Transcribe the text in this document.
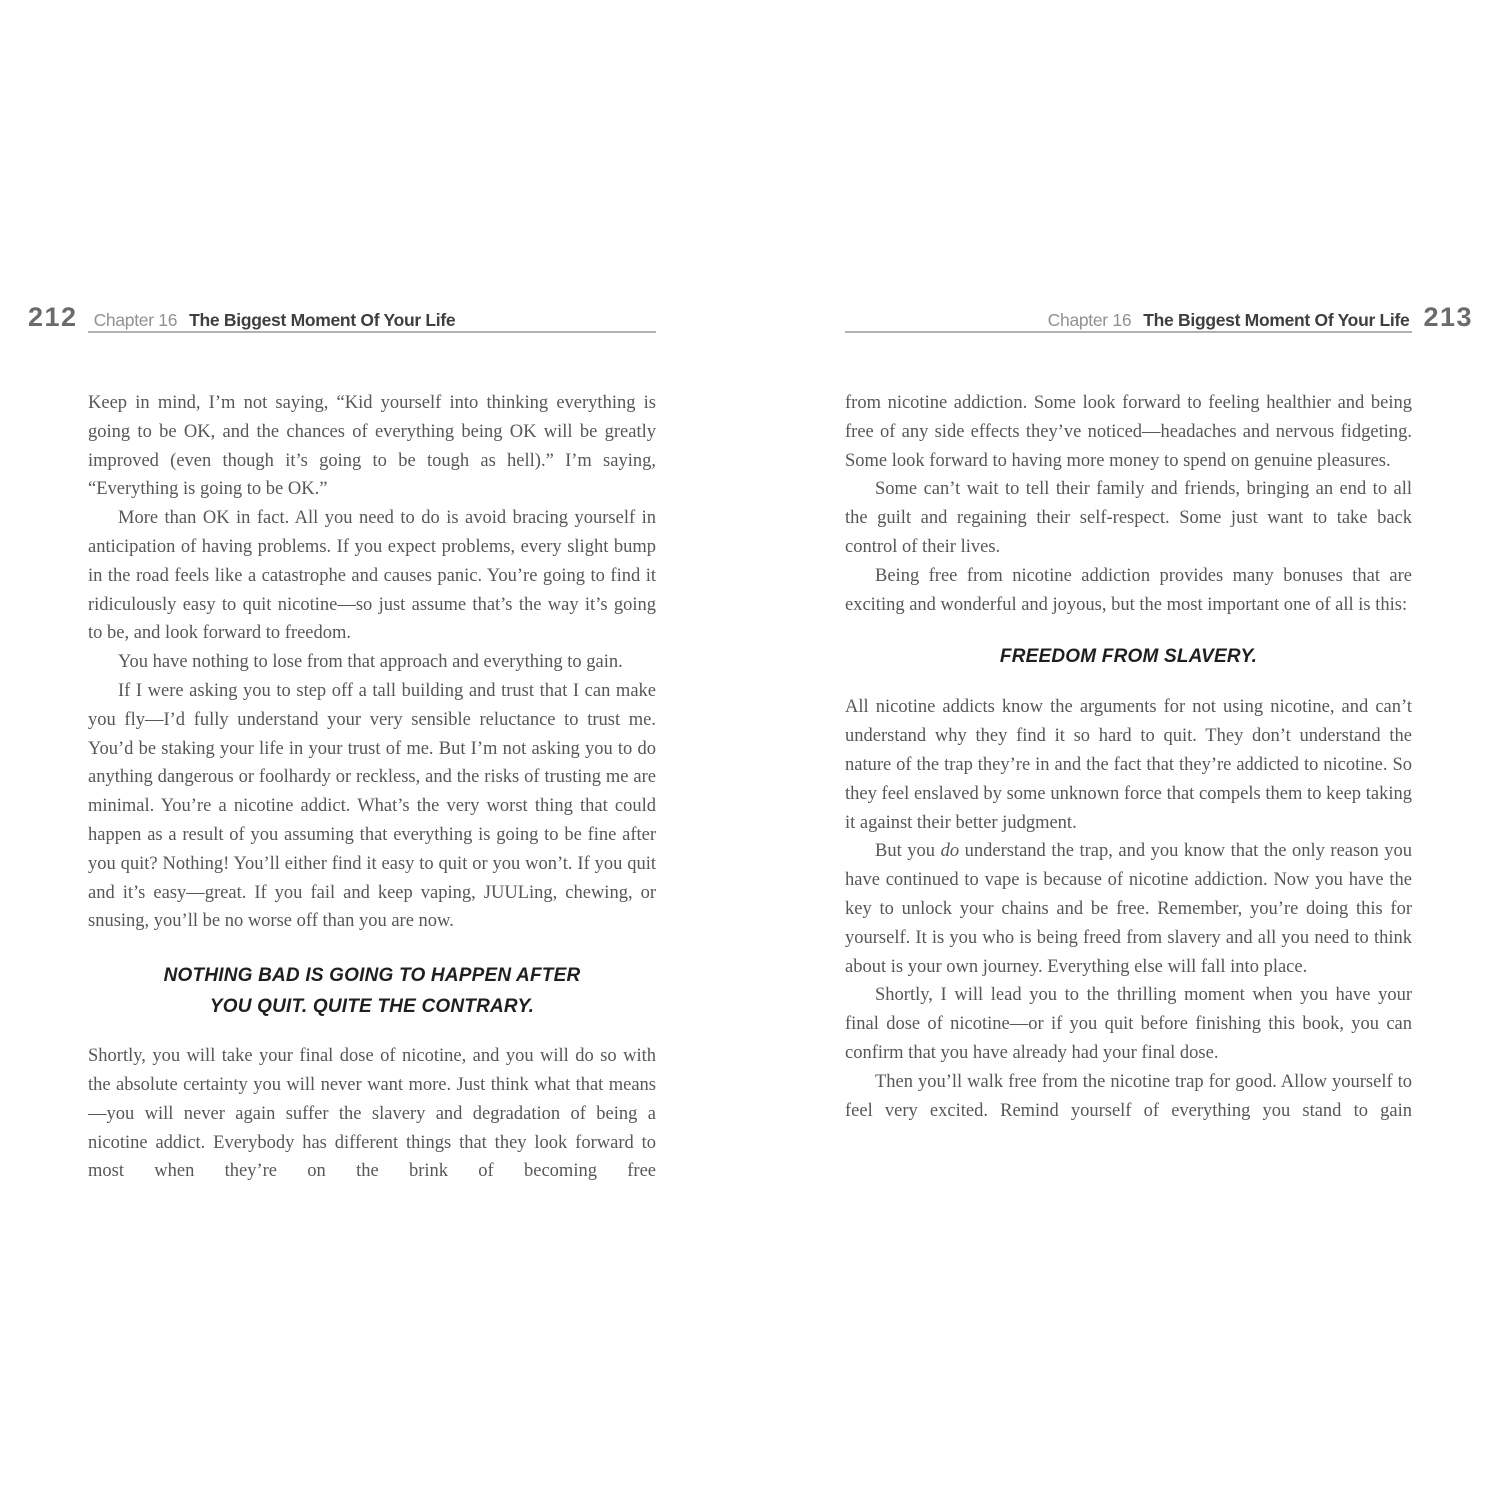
212 Chapter 16 The Biggest Moment Of Your Life	Chapter 16 The Biggest Moment Of Your Life 213

Keep in mind, I’m not saying, “Kid yourself into thinking everything is going to be OK, and the chances of everything being OK will be greatly improved (even though it’s going to be tough as hell).” I’m saying, “Everything is going to be OK.”

More than OK in fact. All you need to do is avoid bracing yourself in anticipation of having problems. If you expect problems, every slight bump in the road feels like a catastrophe and causes panic. You’re going to find it ridiculously easy to quit nicotine—so just assume that’s the way it’s going to be, and look forward to freedom.

You have nothing to lose from that approach and everything to gain.

If I were asking you to step off a tall building and trust that I can make you fly—I’d fully understand your very sensible reluctance to trust me. You’d be staking your life in your trust of me. But I’m not asking you to do anything dangerous or foolhardy or reckless, and the risks of trusting me are minimal. You’re a nicotine addict. What’s the very worst thing that could happen as a result of you assuming that everything is going to be fine after you quit? Nothing! You’ll either find it easy to quit or you won’t. If you quit and it’s easy—great. If you fail and keep vaping, JUULing, chewing, or snusing, you’ll be no worse off than you are now.

NOTHING BAD IS GOING TO HAPPEN AFTER
YOU QUIT. QUITE THE CONTRARY.

Shortly, you will take your final dose of nicotine, and you will do so with the absolute certainty you will never want more. Just think what that means—you will never again suffer the slavery and degradation of being a nicotine addict. Everybody has different things that they look forward to most when they’re on the brink of becoming free

from nicotine addiction. Some look forward to feeling healthier and being free of any side effects they’ve noticed—headaches and nervous fidgeting. Some look forward to having more money to spend on genuine pleasures.

Some can’t wait to tell their family and friends, bringing an end to all the guilt and regaining their self-respect. Some just want to take back control of their lives.

Being free from nicotine addiction provides many bonuses that are exciting and wonderful and joyous, but the most important one of all is this:

FREEDOM FROM SLAVERY.

All nicotine addicts know the arguments for not using nicotine, and can’t understand why they find it so hard to quit. They don’t understand the nature of the trap they’re in and the fact that they’re addicted to nicotine. So they feel enslaved by some unknown force that compels them to keep taking it against their better judgment.

But you do understand the trap, and you know that the only reason you have continued to vape is because of nicotine addiction. Now you have the key to unlock your chains and be free. Remember, you’re doing this for yourself. It is you who is being freed from slavery and all you need to think about is your own journey. Everything else will fall into place.

Shortly, I will lead you to the thrilling moment when you have your final dose of nicotine—or if you quit before finishing this book, you can confirm that you have already had your final dose.

Then you’ll walk free from the nicotine trap for good. Allow yourself to feel very excited. Remind yourself of everything you stand to gain
